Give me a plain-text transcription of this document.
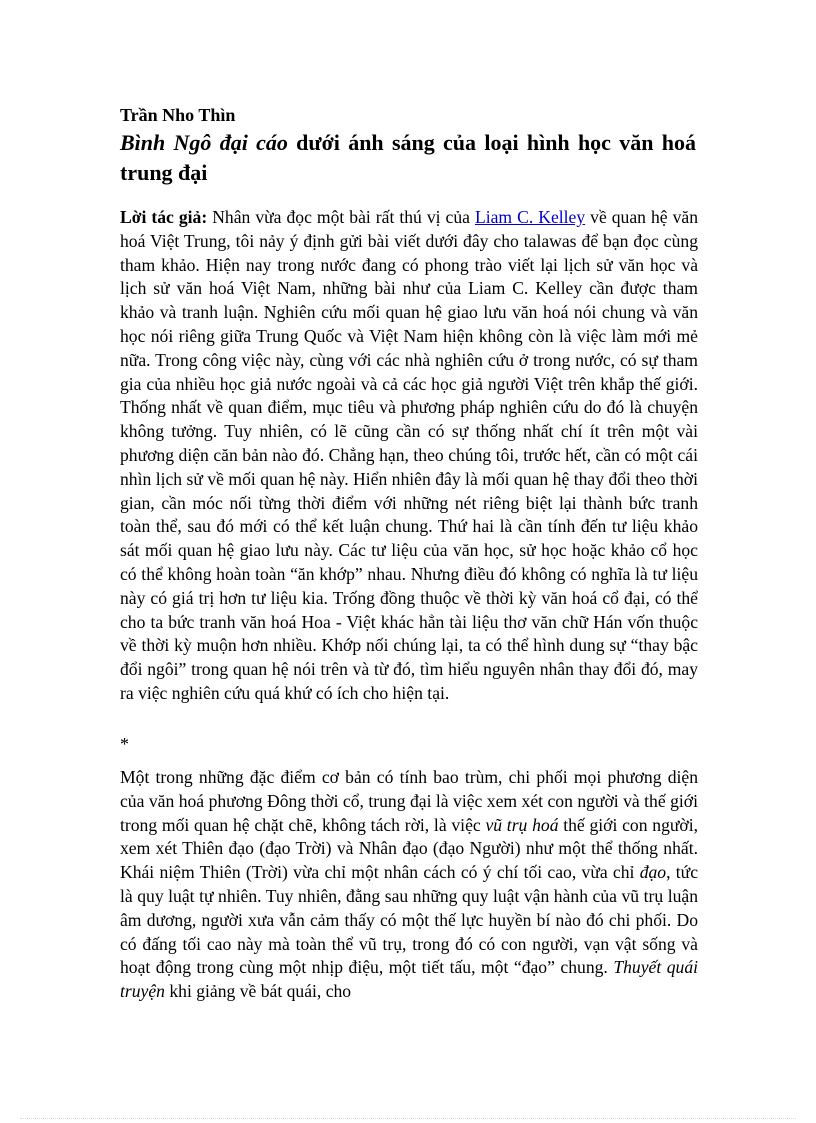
Trần Nho Thìn
Bình Ngô đại cáo dưới ánh sáng của loại hình học văn hoá trung đại
Lời tác giả: Nhân vừa đọc một bài rất thú vị của Liam C. Kelley về quan hệ văn hoá Việt Trung, tôi nảy ý định gửi bài viết dưới đây cho talawas để bạn đọc cùng tham khảo. Hiện nay trong nước đang có phong trào viết lại lịch sử văn học và lịch sử văn hoá Việt Nam, những bài như của Liam C. Kelley cần được tham khảo và tranh luận. Nghiên cứu mối quan hệ giao lưu văn hoá nói chung và văn học nói riêng giữa Trung Quốc và Việt Nam hiện không còn là việc làm mới mẻ nữa. Trong công việc này, cùng với các nhà nghiên cứu ở trong nước, có sự tham gia của nhiều học giả nước ngoài và cả các học giả người Việt trên khắp thế giới. Thống nhất về quan điểm, mục tiêu và phương pháp nghiên cứu do đó là chuyện không tưởng. Tuy nhiên, có lẽ cũng cần có sự thống nhất chí ít trên một vài phương diện căn bản nào đó. Chẳng hạn, theo chúng tôi, trước hết, cần có một cái nhìn lịch sử về mối quan hệ này. Hiển nhiên đây là mối quan hệ thay đổi theo thời gian, cần móc nối từng thời điểm với những nét riêng biệt lại thành bức tranh toàn thể, sau đó mới có thể kết luận chung. Thứ hai là cần tính đến tư liệu khảo sát mối quan hệ giao lưu này. Các tư liệu của văn học, sử học hoặc khảo cổ học có thể không hoàn toàn “ăn khớp” nhau. Nhưng điều đó không có nghĩa là tư liệu này có giá trị hơn tư liệu kia. Trống đồng thuộc về thời kỳ văn hoá cổ đại, có thể cho ta bức tranh văn hoá Hoa - Việt khác hẳn tài liệu thơ văn chữ Hán vốn thuộc về thời kỳ muộn hơn nhiều. Khớp nối chúng lại, ta có thể hình dung sự “thay bậc đổi ngôi” trong quan hệ nói trên và từ đó, tìm hiểu nguyên nhân thay đổi đó, may ra việc nghiên cứu quá khứ có ích cho hiện tại.
*
Một trong những đặc điểm cơ bản có tính bao trùm, chi phối mọi phương diện của văn hoá phương Đông thời cổ, trung đại là việc xem xét con người và thế giới trong mối quan hệ chặt chẽ, không tách rời, là việc vũ trụ hoá thế giới con người, xem xét Thiên đạo (đạo Trời) và Nhân đạo (đạo Người) như một thể thống nhất. Khái niệm Thiên (Trời) vừa chỉ một nhân cách có ý chí tối cao, vừa chỉ đạo, tức là quy luật tự nhiên. Tuy nhiên, đằng sau những quy luật vận hành của vũ trụ luận âm dương, người xưa vẫn cảm thấy có một thế lực huyền bí nào đó chi phối. Do có đấng tối cao này mà toàn thể vũ trụ, trong đó có con người, vạn vật sống và hoạt động trong cùng một nhịp điệu, một tiết tấu, một “đạo” chung. Thuyết quái truyện khi giảng về bát quái, cho
